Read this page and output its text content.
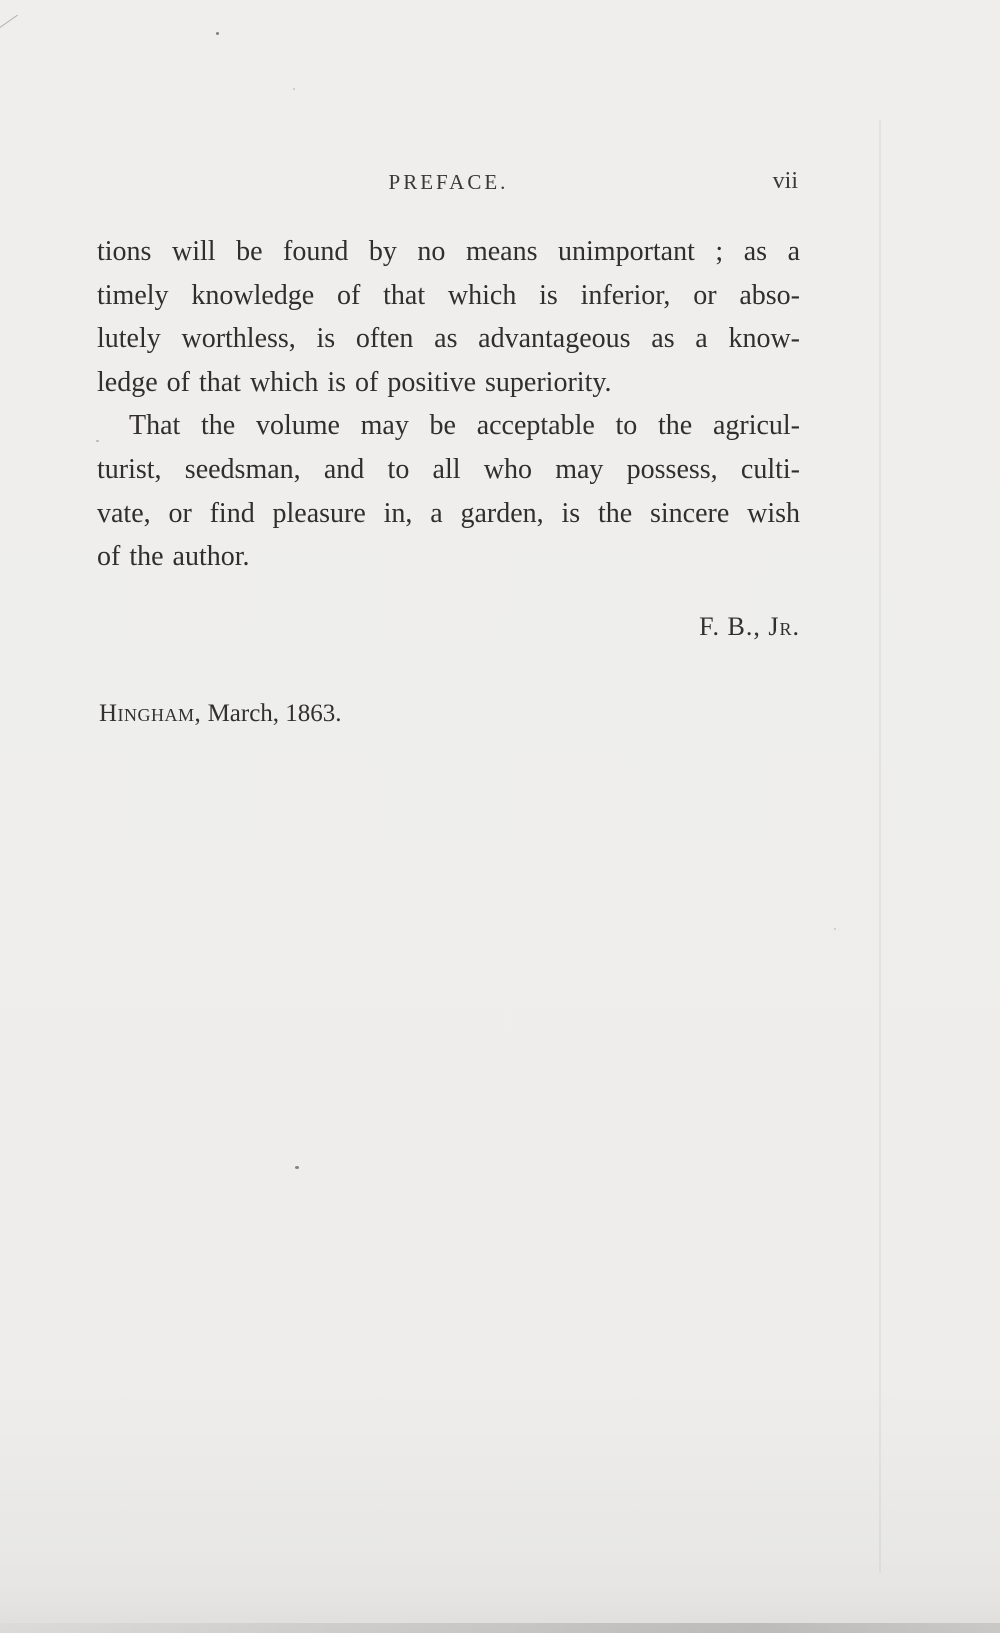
PREFACE.	vii
tions will be found by no means unimportant ; as a
timely knowledge of that which is inferior, or abso-
lutely worthless, is often as advantageous as a know-
ledge of that which is of positive superiority.
That the volume may be acceptable to the agricul-
turist, seedsman, and to all who may possess, culti-
vate, or find pleasure in, a garden, is the sincere wish
of the author.
F. B., Jr.
Hingham, March, 1863.
